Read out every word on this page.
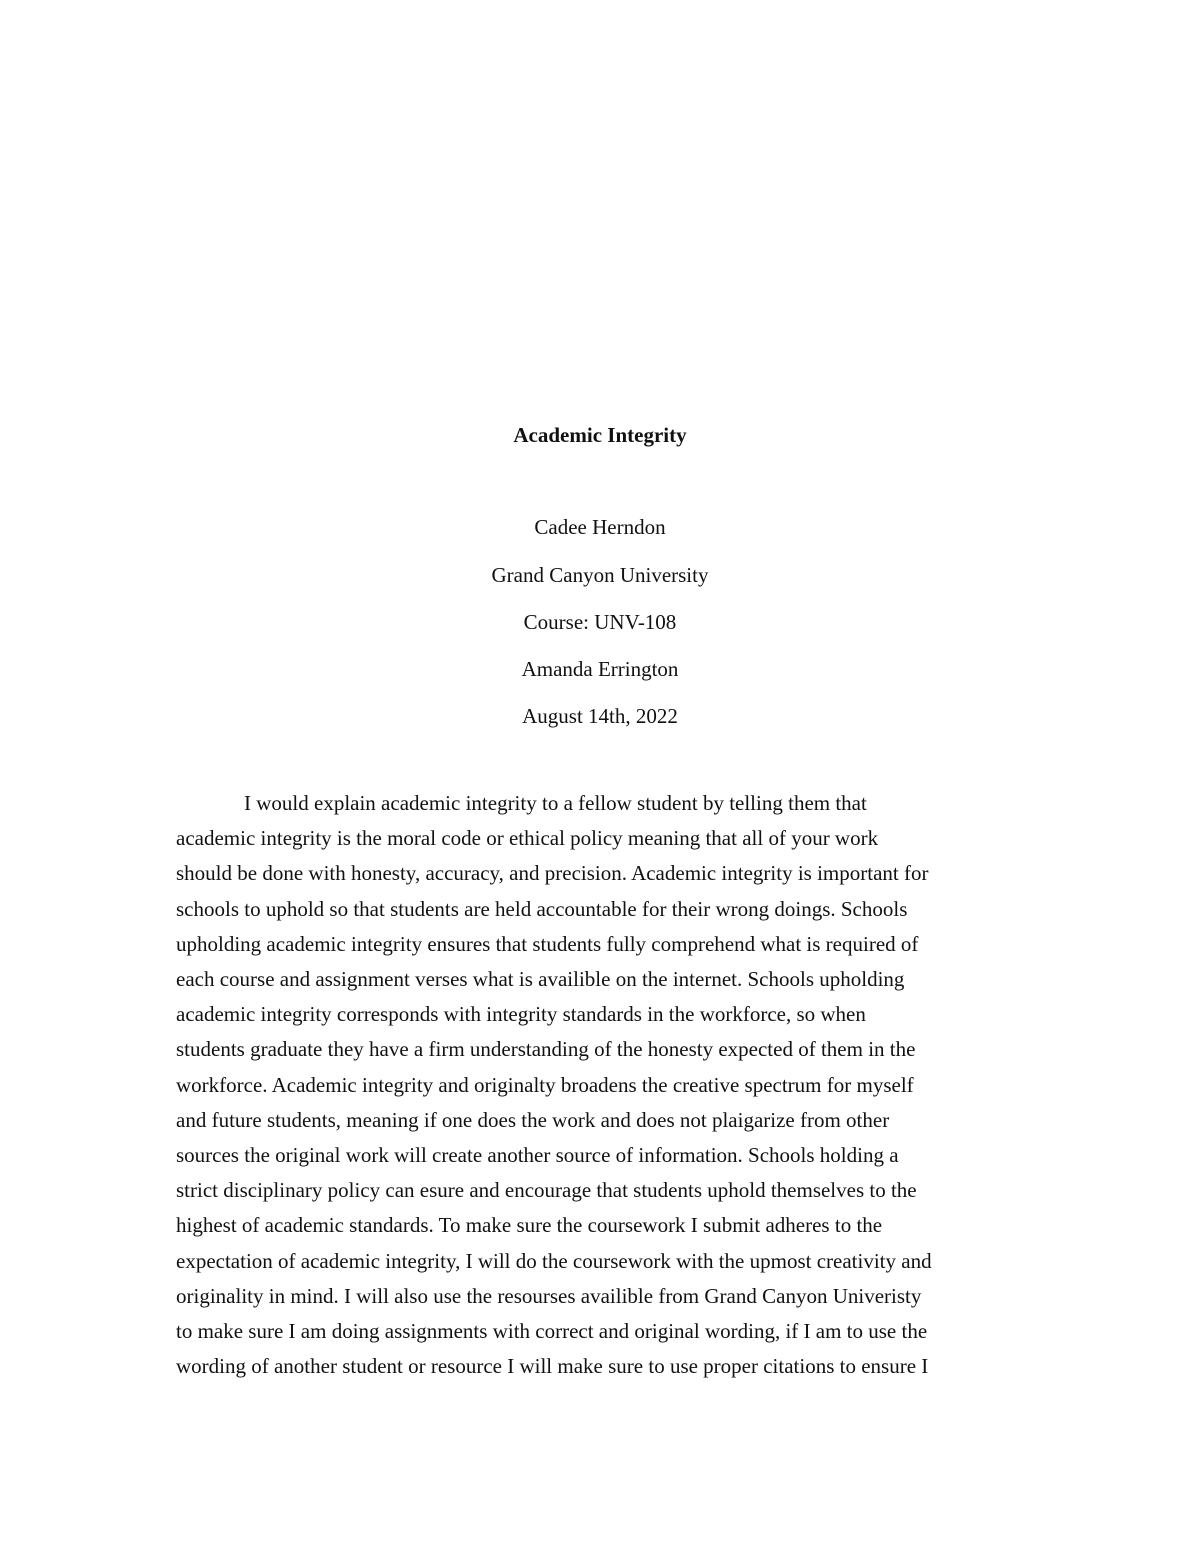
Academic Integrity
Cadee Herndon
Grand Canyon University
Course: UNV-108
Amanda Errington
August 14th, 2022
I would explain academic integrity to a fellow student by telling them that
academic integrity is the moral code or ethical policy meaning that all of your work
should be done with honesty, accuracy, and precision. Academic integrity is important for
schools to uphold so that students are held accountable for their wrong doings. Schools
upholding academic integrity ensures that students fully comprehend what is required of
each course and assignment verses what is availible on the internet. Schools upholding
academic integrity corresponds with integrity standards in the workforce, so when
students graduate they have a firm understanding of the honesty expected of them in the
workforce. Academic integrity and originalty broadens the creative spectrum for myself
and future students, meaning if one does the work and does not plaigarize from other
sources the original work will create another source of information. Schools holding a
strict disciplinary policy can esure and encourage that students uphold themselves to the
highest of academic standards. To make sure the coursework I submit adheres to the
expectation of academic integrity, I will do the coursework with the upmost creativity and
originality in mind. I will also use the resourses availible from Grand Canyon Univeristy
to make sure I am doing assignments with correct and original wording, if I am to use the
wording of another student or resource I will make sure to use proper citations to ensure I
